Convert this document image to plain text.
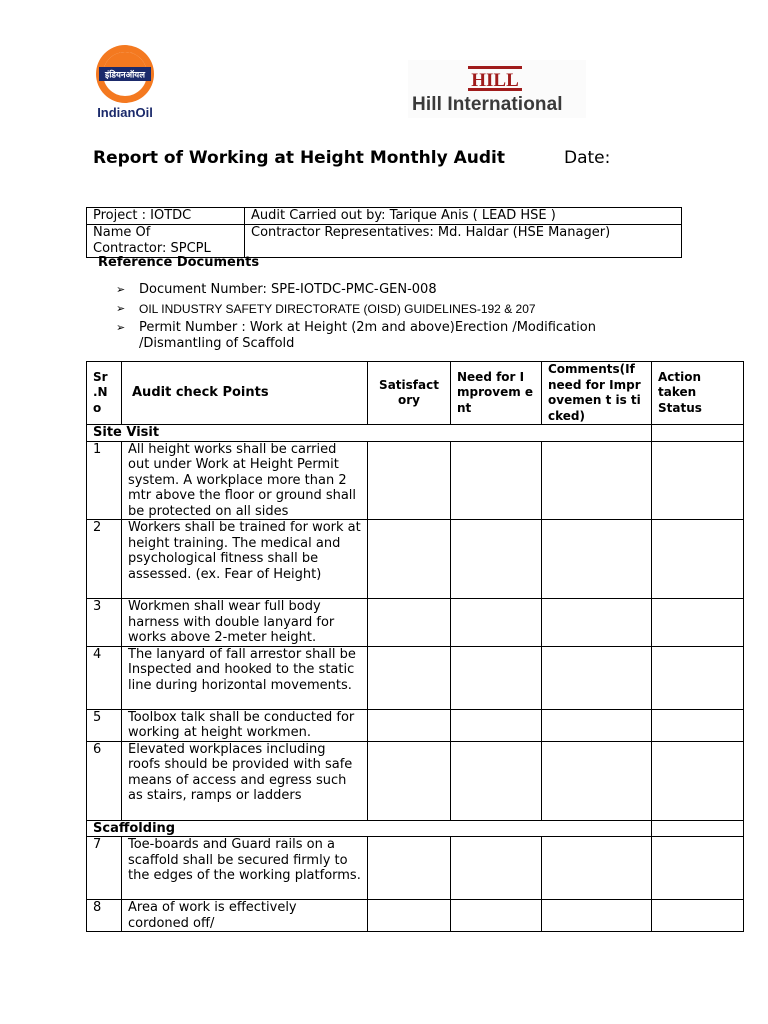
इंडियनऑयल
IndianOil
HILL
Hill International
Report of Working at Height Monthly Audit	Date:
Project : IOTDC	Audit Carried out by: Tarique Anis ( LEAD HSE )

Name Of
Contractor: SPCPL	Contractor Representatives: Md. Haldar (HSE Manager)
Reference Documents
➢ Document Number: SPE-IOTDC-PMC-GEN-008
➢ OIL INDUSTRY SAFETY DIRECTORATE (OISD) GUIDELINES-192 & 207
➢ Permit Number : Work at Height (2m and above)Erection /Modification /Dismantling of Scaffold
Sr .N o	Audit check Points	Satisfact ory	Need for Improvem ent	Comments(If need for Improvemen t is ticked)	Action taken Status
Site Visit					
1	All height works shall be carried out under Work at Height Permit system. A workplace more than 2 mtr above the floor or ground shall be protected on all sides				
2	Workers shall be trained for work at height training. The medical and psychological fitness shall be assessed. (ex. Fear of Height)				
3	Workmen shall wear full body harness with double lanyard for works above 2-meter height.				
4	The lanyard of fall arrestor shall be Inspected and hooked to the static line during horizontal movements.				
5	Toolbox talk shall be conducted for working at height workmen.				
6	Elevated workplaces including roofs should be provided with safe means of access and egress such as stairs, ramps or ladders				
Scaffolding					
7	Toe-boards and Guard rails on a scaffold shall be secured firmly to the edges of the working platforms.				
8	Area of work is effectively cordoned off/				
